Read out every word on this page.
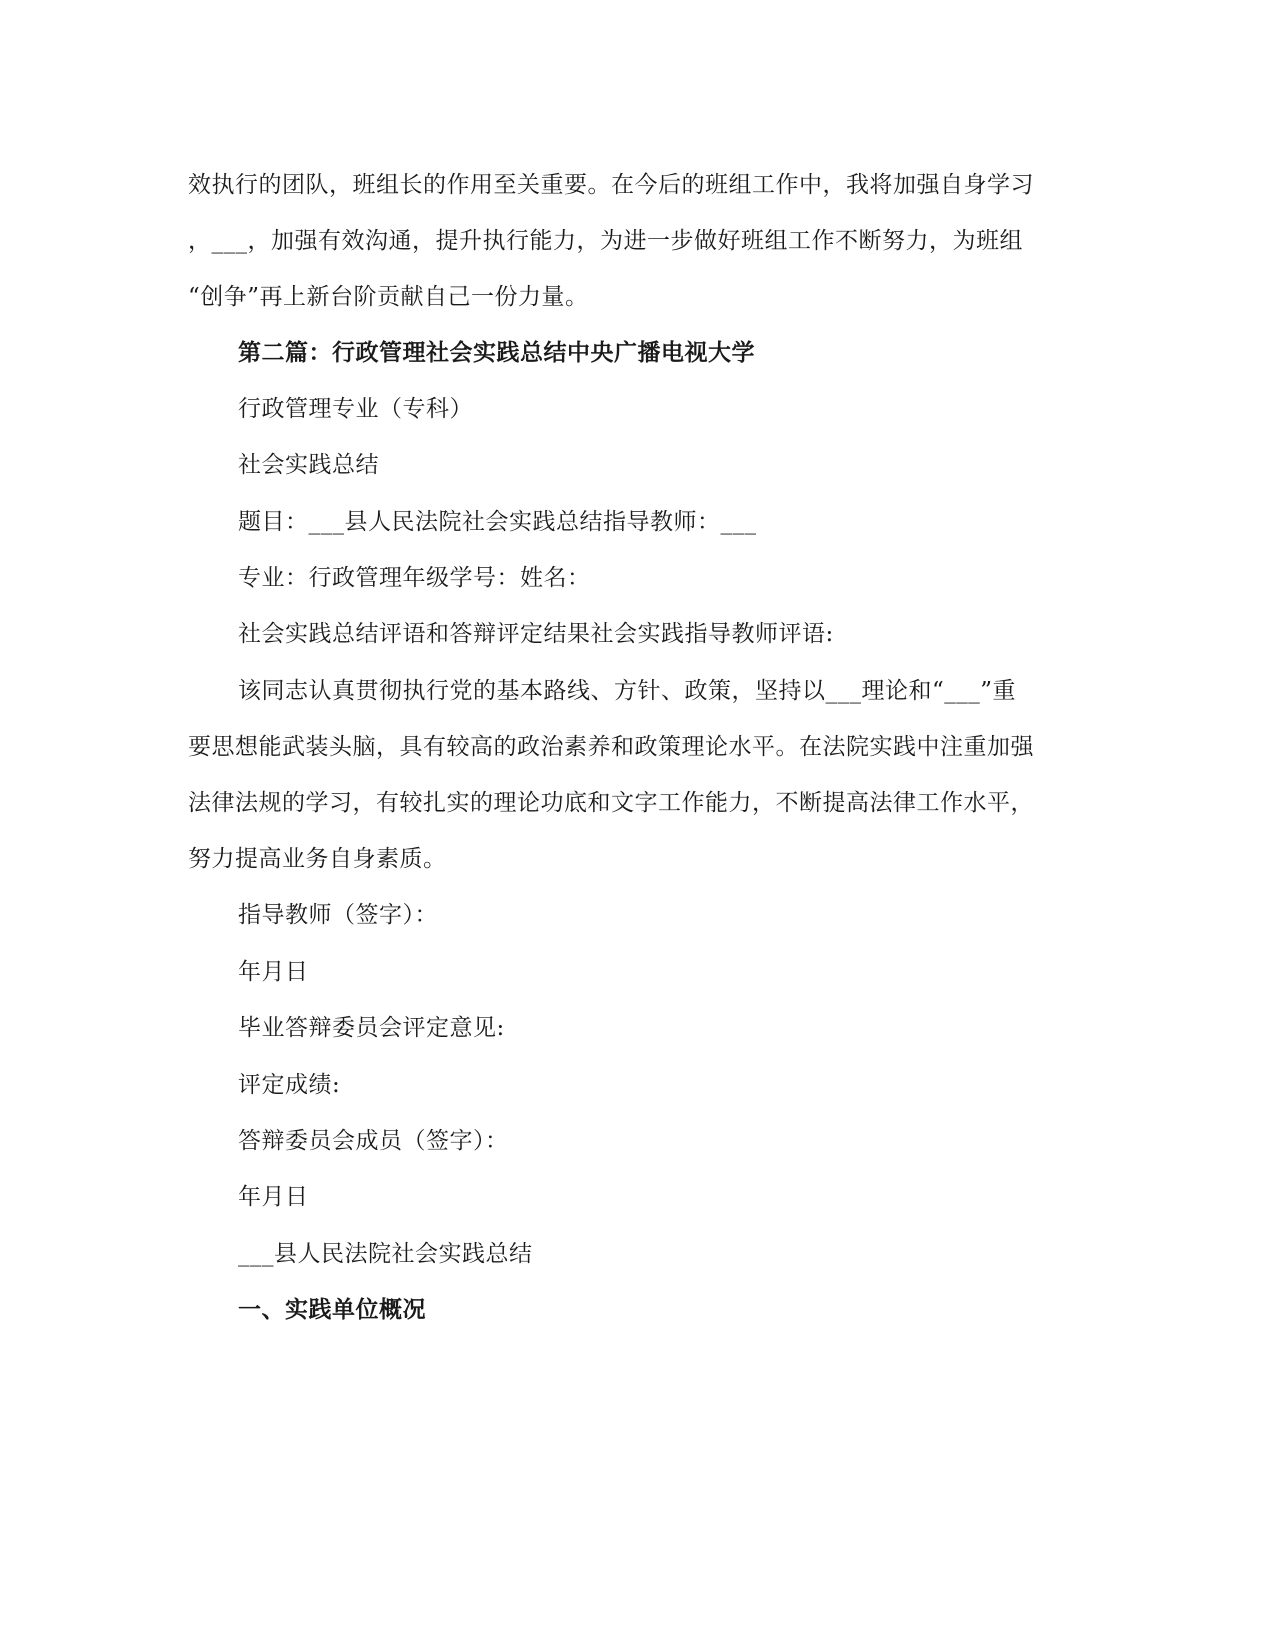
效执行的团队，班组长的作用至关重要。在今后的班组工作中，我将加强自身学习
，___，加强有效沟通，提升执行能力，为进一步做好班组工作不断努力，为班组
“创争”再上新台阶贡献自己一份力量。
第二篇：行政管理社会实践总结中央广播电视大学
行政管理专业（专科）
社会实践总结
题目：___县人民法院社会实践总结指导教师：___
专业：行政管理年级学号：姓名：
社会实践总结评语和答辩评定结果社会实践指导教师评语:
该同志认真贯彻执行党的基本路线、方针、政策，坚持以___理论和“___”重
要思想能武装头脑，具有较高的政治素养和政策理论水平。在法院实践中注重加强
法律法规的学习，有较扎实的理论功底和文字工作能力，不断提高法律工作水平，
努力提高业务自身素质。
指导教师（签字）：
年月日
毕业答辩委员会评定意见:
评定成绩:
答辩委员会成员（签字）：
年月日
___县人民法院社会实践总结
一、实践单位概况
